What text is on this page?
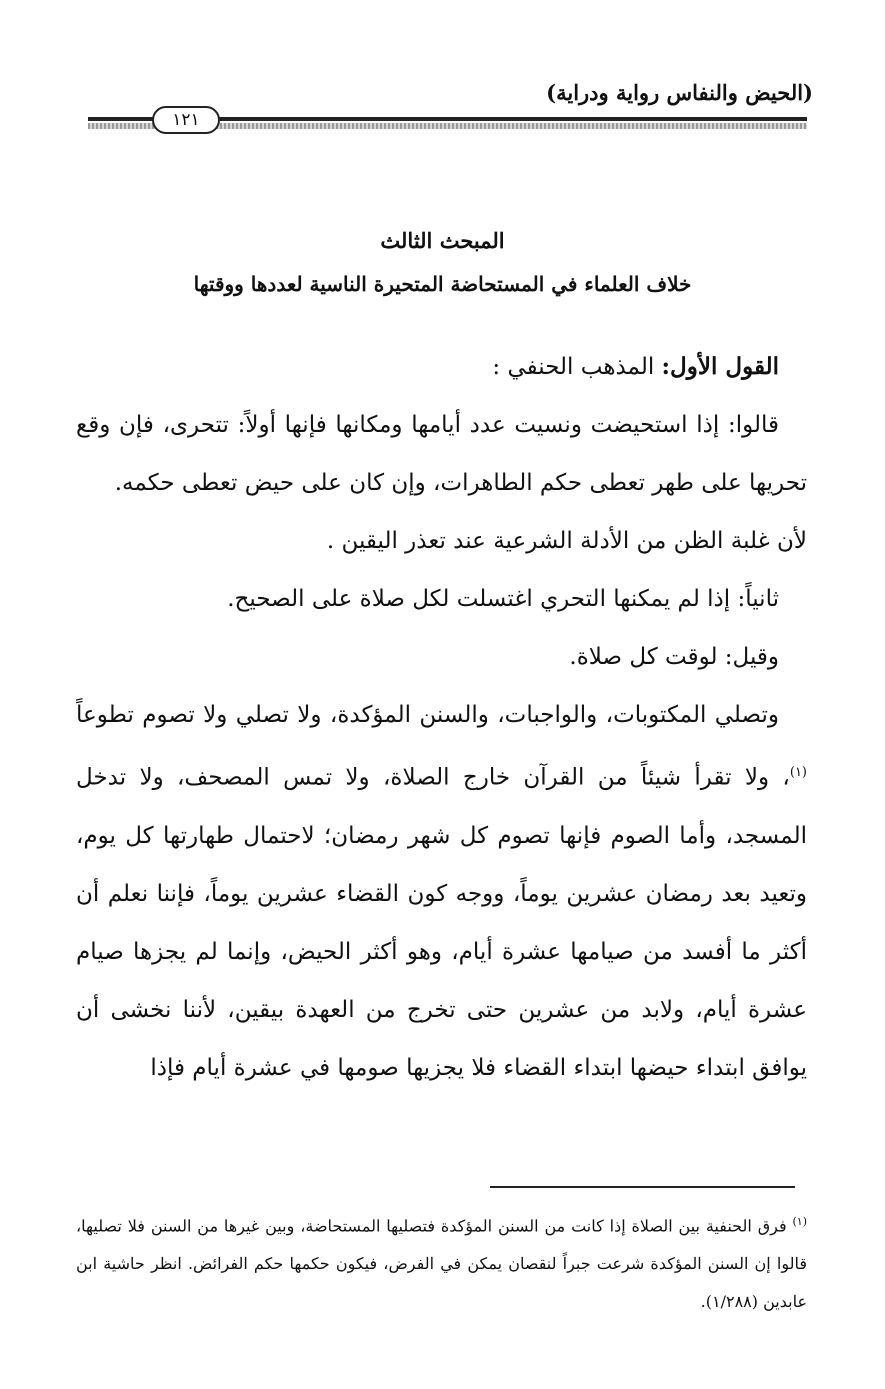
(الحيض والنفاس رواية ودراية)
١٢١
المبحث الثالث
خلاف العلماء في المستحاضة المتحيرة الناسية لعددها ووقتها

القول الأول: المذهب الحنفي :

قالوا: إذا استحيضت ونسيت عدد أيامها ومكانها فإنها أولاً: تتحرى، فإن وقع تحريها على طهر تعطى حكم الطاهرات، وإن كان على حيض تعطى حكمه.

لأن غلبة الظن من الأدلة الشرعية عند تعذر اليقين .

ثانياً: إذا لم يمكنها التحري اغتسلت لكل صلاة على الصحيح.

وقيل: لوقت كل صلاة.

وتصلي المكتوبات، والواجبات، والسنن المؤكدة، ولا تصلي ولا تصوم تطوعاً $^{(١)}$، ولا تقرأ شيئاً من القرآن خارج الصلاة، ولا تمس المصحف، ولا تدخل المسجد، وأما الصوم فإنها تصوم كل شهر رمضان؛ لاحتمال طهارتها كل يوم، وتعيد بعد رمضان عشرين يوماً، ووجه كون القضاء عشرين يوماً، فإننا نعلم أن أكثر ما أفسد من صيامها عشرة أيام، وهو أكثر الحيض، وإنما لم يجزها صيام عشرة أيام، ولابد من عشرين حتى تخرج من العهدة بيقين، لأننا نخشى أن يوافق ابتداء حيضها ابتداء القضاء فلا يجزيها صومها في عشرة أيام فإذا

$^{(١)}$ فرق الحنفية بين الصلاة إذا كانت من السنن المؤكدة فتصليها المستحاضة، وبين غيرها من السنن فلا تصليها، قالوا إن السنن المؤكدة شرعت جبراً لنقصان يمكن في الفرض، فيكون حكمها حكم الفرائض. انظر حاشية ابن عابدين (١/٢٨٨).
